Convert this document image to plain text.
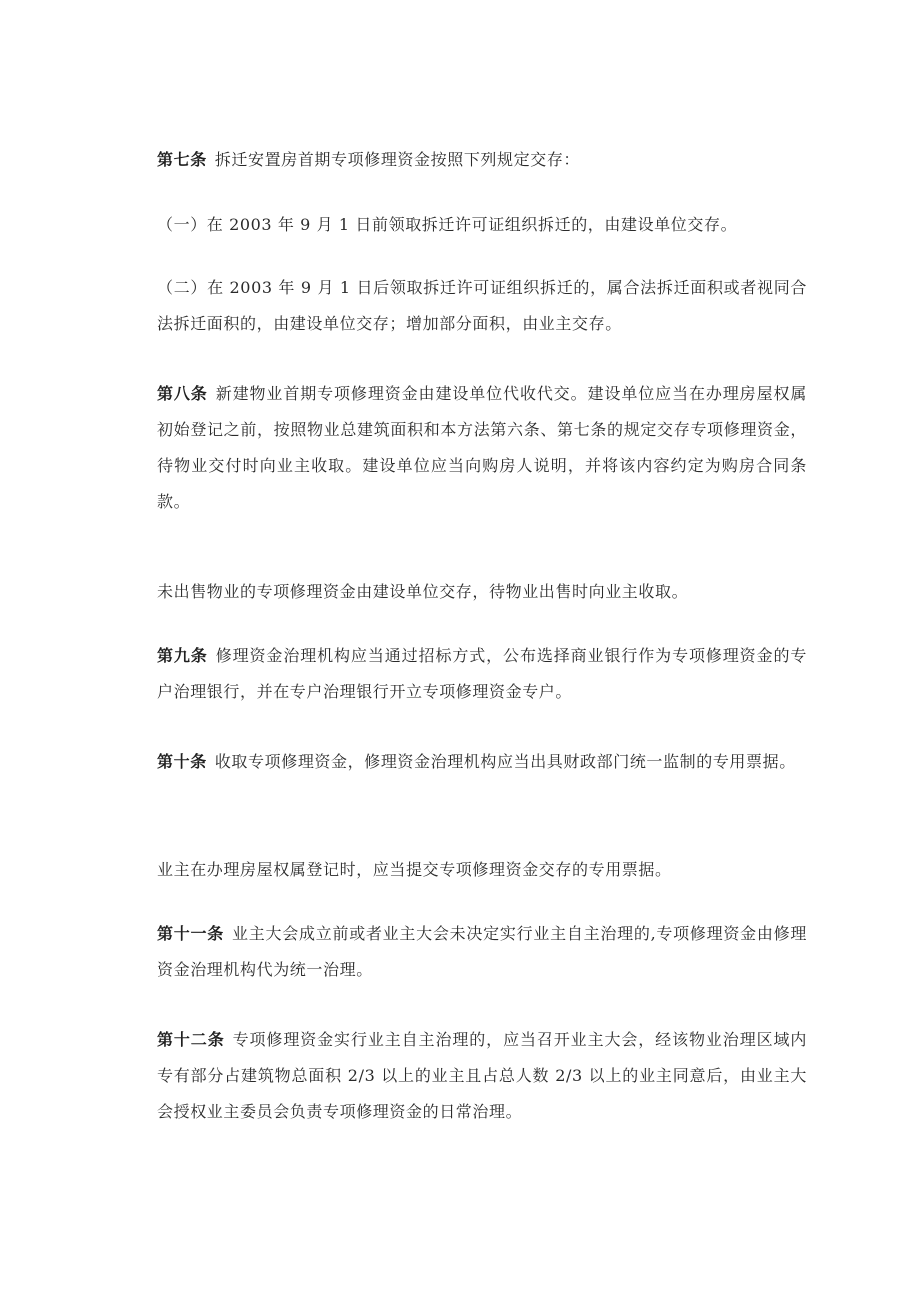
第七条 拆迁安置房首期专项修理资金按照下列规定交存：

（一）在 2003 年 9 月 1 日前领取拆迁许可证组织拆迁的，由建设单位交存。

（二）在 2003 年 9 月 1 日后领取拆迁许可证组织拆迁的，属合法拆迁面积或者视同合法拆迁面积的，由建设单位交存；增加部分面积，由业主交存。

第八条 新建物业首期专项修理资金由建设单位代收代交。建设单位应当在办理房屋权属初始登记之前，按照物业总建筑面积和本方法第六条、第七条的规定交存专项修理资金，待物业交付时向业主收取。建设单位应当向购房人说明，并将该内容约定为购房合同条款。

未出售物业的专项修理资金由建设单位交存，待物业出售时向业主收取。

第九条 修理资金治理机构应当通过招标方式，公布选择商业银行作为专项修理资金的专户治理银行，并在专户治理银行开立专项修理资金专户。

第十条 收取专项修理资金，修理资金治理机构应当出具财政部门统一监制的专用票据。

业主在办理房屋权属登记时，应当提交专项修理资金交存的专用票据。

第十一条 业主大会成立前或者业主大会未决定实行业主自主治理的,专项修理资金由修理资金治理机构代为统一治理。

第十二条 专项修理资金实行业主自主治理的，应当召开业主大会，经该物业治理区域内专有部分占建筑物总面积 2/3 以上的业主且占总人数 2/3 以上的业主同意后，由业主大会授权业主委员会负责专项修理资金的日常治理。
